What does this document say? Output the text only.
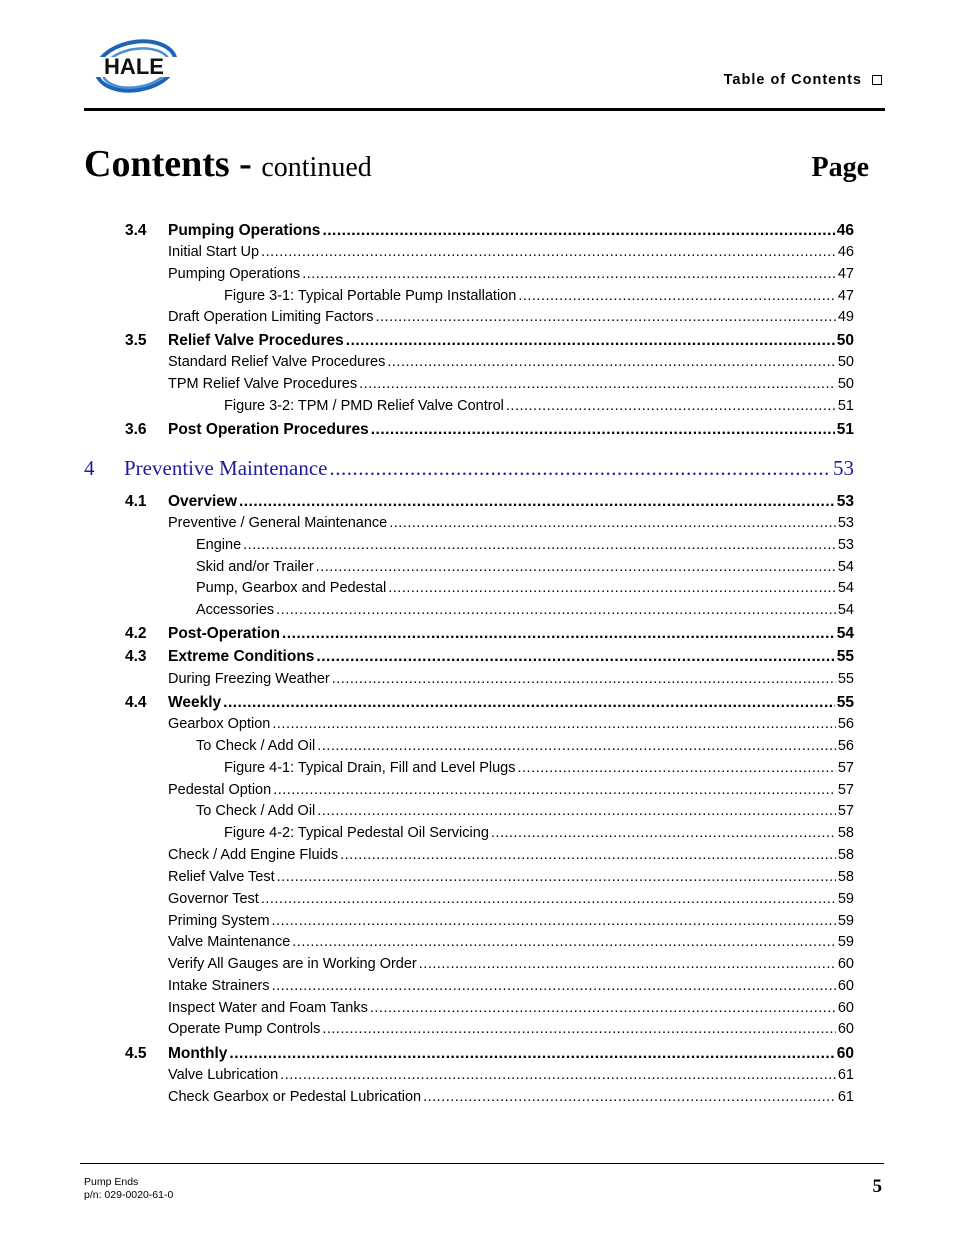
HALE
Table of Contents
Contents - continued	Page
3.4 Pumping Operations .....	46
Initial Start Up .....	46
Pumping Operations .....	47
Figure 3-1: Typical Portable Pump Installation .....	47
Draft Operation Limiting Factors .....	49
3.5 Relief Valve Procedures .....	50
Standard Relief Valve Procedures .....	50
TPM Relief Valve Procedures .....	50
Figure 3-2: TPM / PMD Relief Valve Control .....	51
3.6 Post Operation Procedures .....	51
4 Preventive Maintenance .....	53
4.1 Overview .....	53
Preventive / General Maintenance .....	53
Engine .....	53
Skid and/or Trailer .....	54
Pump, Gearbox and Pedestal .....	54
Accessories .....	54
4.2 Post-Operation .....	54
4.3 Extreme Conditions .....	55
During Freezing Weather .....	55
4.4 Weekly .....	55
Gearbox Option .....	56
To Check / Add Oil .....	56
Figure 4-1: Typical Drain, Fill and Level Plugs .....	57
Pedestal Option .....	57
To Check / Add Oil .....	57
Figure 4-2: Typical Pedestal Oil Servicing .....	58
Check / Add Engine Fluids .....	58
Relief Valve Test .....	58
Governor Test .....	59
Priming System .....	59
Valve Maintenance .....	59
Verify All Gauges are in Working Order .....	60
Intake Strainers .....	60
Inspect Water and Foam Tanks .....	60
Operate Pump Controls .....	60
4.5 Monthly .....	60
Valve Lubrication .....	61
Check Gearbox or Pedestal Lubrication .....	61
Pump Ends
p/n: 029-0020-61-0	5
